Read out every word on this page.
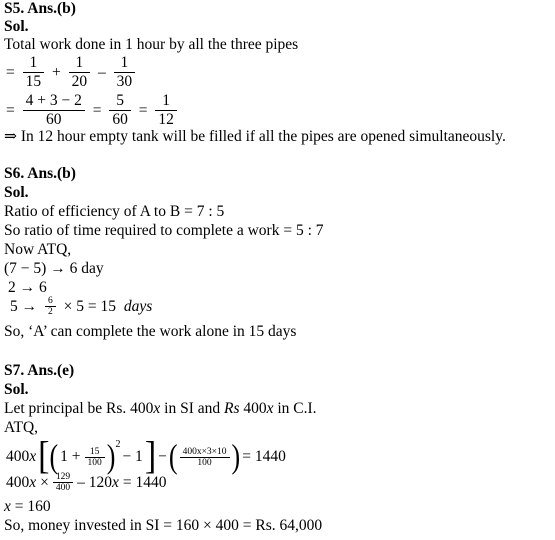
S5. Ans.(b)
Sol.
Total work done in 1 hour by all the three pipes
= $\frac{1}{15} + \frac{1}{20} - \frac{1}{30}$
= $\frac{4 + 3 - 2}{60} = \frac{5}{60} = \frac{1}{12}$
⇒ In 12 hour empty tank will be filled if all the pipes are opened simultaneously.
S6. Ans.(b)
Sol.
Ratio of efficiency of A to B = 7 : 5
So ratio of time required to complete a work = 5 : 7
Now ATQ,
(7 − 5) → 6 day
2 → 6
$5 \to \frac{6}{2} \times 5 = 15$ days
So, ‘A’ can complete the work alone in 15 days
S7. Ans.(e)
Sol.
Let principal be Rs. 400x in SI and Rs 400x in C.I.
ATQ,
400x[( $1 + \frac{15}{100} )^2- 1$] −( $\frac{400x\times 3\times 10}{100}$ ) = 1440
$400x \times \frac{129}{400} - 120x = 1440$
x = 160
So, money invested in SI = 160 × 400 = Rs. 64,000
